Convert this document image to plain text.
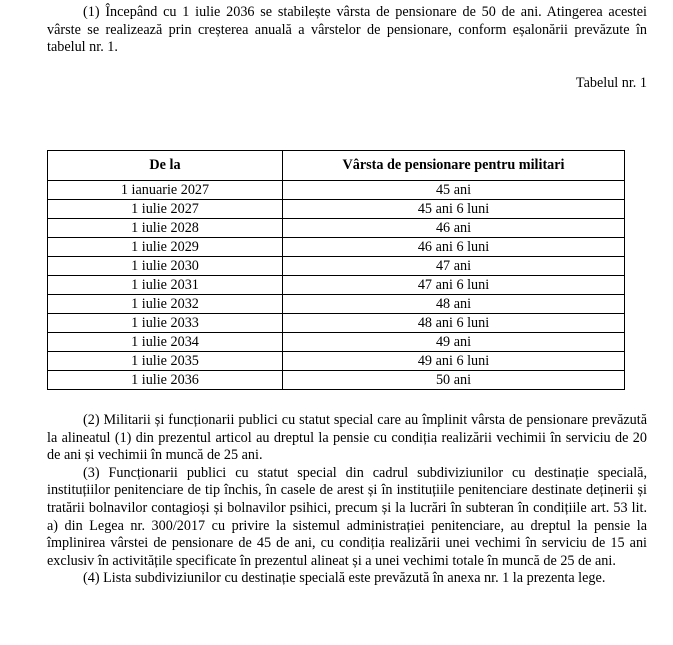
(1) Începând cu 1 iulie 2036 se stabilește vârsta de pensionare de 50 de ani. Atingerea acestei vârste se realizează prin creșterea anuală a vârstelor de pensionare, conform eșalonării prevăzute în tabelul nr. 1.

Tabelul nr. 1

De la	Vârsta de pensionare pentru militari
1 ianuarie 2027	45 ani
1 iulie 2027	45 ani 6 luni
1 iulie 2028	46 ani
1 iulie 2029	46 ani 6 luni
1 iulie 2030	47 ani
1 iulie 2031	47 ani 6 luni
1 iulie 2032	48 ani
1 iulie 2033	48 ani 6 luni
1 iulie 2034	49 ani
1 iulie 2035	49 ani 6 luni
1 iulie 2036	50 ani

(2) Militarii și funcționarii publici cu statut special care au împlinit vârsta de pensionare prevăzută la alineatul (1) din prezentul articol au dreptul la pensie cu condiția realizării vechimii în serviciu de 20 de ani și vechimii în muncă de 25 ani.

(3) Funcționarii publici cu statut special din cadrul subdiviziunilor cu destinație specială, instituțiilor penitenciare de tip închis, în casele de arest și în instituțiile penitenciare destinate deținerii și tratării bolnavilor contagioși și bolnavilor psihici, precum și la lucrări în subteran în condițiile art. 53 lit. a) din Legea nr. 300/2017 cu privire la sistemul administrației penitenciare, au dreptul la pensie la împlinirea vârstei de pensionare de 45 de ani, cu condiția realizării unei vechimi în serviciu de 15 ani exclusiv în activitățile specificate în prezentul alineat și a unei vechimi totale în muncă de 25 de ani.

(4) Lista subdiviziunilor cu destinație specială este prevăzută în anexa nr. 1 la prezenta lege.
